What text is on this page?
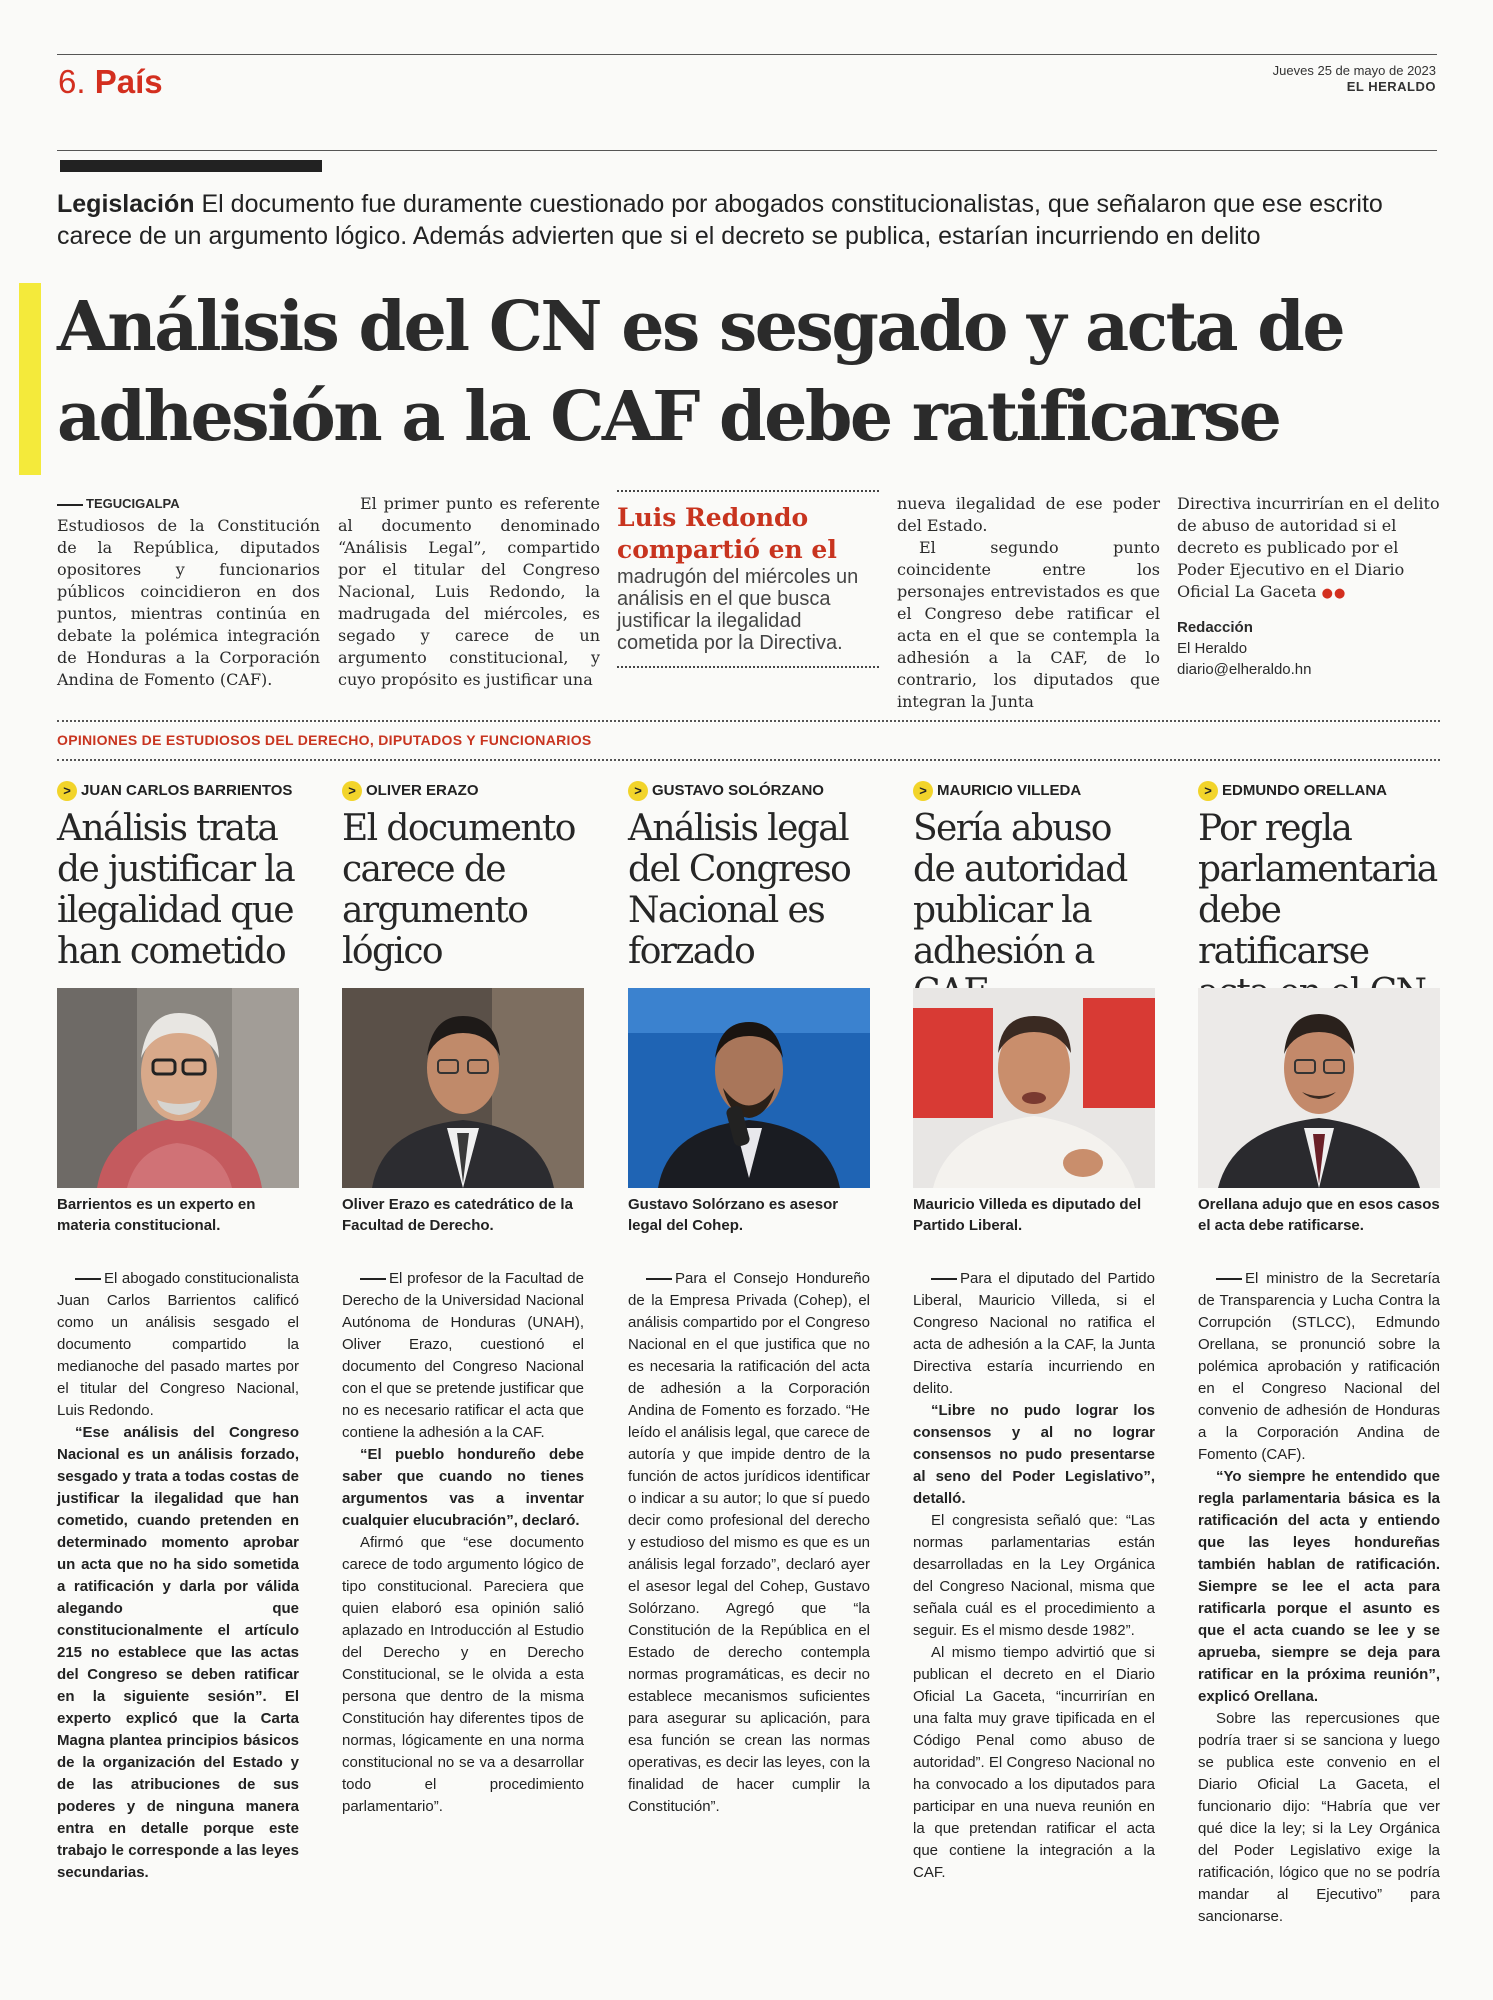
6. País	Jueves 25 de mayo de 2023
EL HERALDO
Legislación El documento fue duramente cuestionado por abogados constitucionalistas, que señalaron que ese escrito carece de un argumento lógico. Además advierten que si el decreto se publica, estarían incurriendo en delito
Análisis del CN es sesgado y acta de
adhesión a la CAF debe ratificarse
TEGUCIGALPA
Estudiosos de la Constitución de la República, diputados opositores y funcionarios públicos coincidieron en dos puntos, mientras continúa en debate la polémica integración de Honduras a la Corporación Andina de Fomento (CAF).
El primer punto es referente al documento denominado “Análisis Legal”, compartido por el titular del Congreso Nacional, Luis Redondo, la madrugada del miércoles, es segado y carece de un argumento constitucional, y cuyo propósito es justificar una
Luis Redondo compartió en el
madrugón del miércoles un análisis en el que busca justificar la ilegalidad cometida por la Directiva.
nueva ilegalidad de ese poder del Estado.
El segundo punto coincidente entre los personajes entrevistados es que el Congreso debe ratificar el acta en el que se contempla la adhesión a la CAF, de lo contrario, los diputados que integran la Junta
Directiva incurrirían en el delito de abuso de autoridad si el decreto es publicado por el Poder Ejecutivo en el Diario Oficial La Gaceta ●●
Redacción
El Heraldo
diario@elheraldo.hn
OPINIONES DE ESTUDIOSOS DEL DERECHO, DIPUTADOS Y FUNCIONARIOS
> JUAN CARLOS BARRIENTOS
Análisis trata de justificar la ilegalidad que han cometido
Barrientos es un experto en materia constitucional.

El abogado constitucionalista Juan Carlos Barrientos calificó como un análisis sesgado el documento compartido la medianoche del pasado martes por el titular del Congreso Nacional, Luis Redondo.

“Ese análisis del Congreso Nacional es un análisis forzado, sesgado y trata a todas costas de justificar la ilegalidad que han cometido, cuando pretenden en determinado momento aprobar un acta que no ha sido sometida a ratificación y darla por válida alegando que constitucionalmente el artículo 215 no establece que las actas del Congreso se deben ratificar en la siguiente sesión”. El experto explicó que la Carta Magna plantea principios básicos de la organización del Estado y de las atribuciones de sus poderes y de ninguna manera entra en detalle porque este trabajo le corresponde a las leyes secundarias.

> OLIVER ERAZO
El documento carece de argumento lógico
Oliver Erazo es catedrático de la Facultad de Derecho.

El profesor de la Facultad de Derecho de la Universidad Nacional Autónoma de Honduras (UNAH), Oliver Erazo, cuestionó el documento del Congreso Nacional con el que se pretende justificar que no es necesario ratificar el acta que contiene la adhesión a la CAF.

“El pueblo hondureño debe saber que cuando no tienes argumentos vas a inventar cualquier elucubración”, declaró.

Afirmó que “ese documento carece de todo argumento lógico de tipo constitucional. Pareciera que quien elaboró esa opinión salió aplazado en Introducción al Estudio del Derecho y en Derecho Constitucional, se le olvida a esta persona que dentro de la misma Constitución hay diferentes tipos de normas, lógicamente en una norma constitucional no se va a desarrollar todo el procedimiento parlamentario”.

> GUSTAVO SOLÓRZANO
Análisis legal del Congreso Nacional es forzado
Gustavo Solórzano es asesor legal del Cohep.

Para el Consejo Hondureño de la Empresa Privada (Cohep), el análisis compartido por el Congreso Nacional en el que justifica que no es necesaria la ratificación del acta de adhesión a la Corporación Andina de Fomento es forzado. “He leído el análisis legal, que carece de autoría y que impide dentro de la función de actos jurídicos identificar o indicar a su autor; lo que sí puedo decir como profesional del derecho y estudioso del mismo es que es un análisis legal forzado”, declaró ayer el asesor legal del Cohep, Gustavo Solórzano. Agregó que “la Constitución de la República en el Estado de derecho contempla normas programáticas, es decir no establece mecanismos suficientes para asegurar su aplicación, para esa función se crean las normas operativas, es decir las leyes, con la finalidad de hacer cumplir la Constitución”.

> MAURICIO VILLEDA
Sería abuso de autoridad publicar la adhesión a
Mauricio Villeda es diputado del Partido Liberal.

Para el diputado del Partido Liberal, Mauricio Villeda, si el Congreso Nacional no ratifica el acta de adhesión a la CAF, la Junta Directiva estaría incurriendo en delito.

“Libre no pudo lograr los consensos y al no lograr consensos no pudo presentarse al seno del Poder Legislativo”, detalló.

El congresista señaló que: “Las normas parlamentarias están desarrolladas en la Ley Orgánica del Congreso Nacional, misma que señala cuál es el procedimiento a seguir. Es el mismo desde 1982”.

Al mismo tiempo advirtió que si publican el decreto en el Diario Oficial La Gaceta, “incurrirían en una falta muy grave tipificada en el Código Penal como abuso de autoridad”. El Congreso Nacional no ha convocado a los diputados para participar en una nueva reunión en la que pretendan ratificar el acta que contiene la integración a la CAF.

> EDMUNDO ORELLANA
Por regla parlamentaria debe ratificarse
Orellana adujo que en esos casos el acta debe ratificarse.

El ministro de la Secretaría de Transparencia y Lucha Contra la Corrupción (STLCC), Edmundo Orellana, se pronunció sobre la polémica aprobación y ratificación en el Congreso Nacional del convenio de adhesión de Honduras a la Corporación Andina de Fomento (CAF).

“Yo siempre he entendido que regla parlamentaria básica es la ratificación del acta y entiendo que las leyes hondureñas también hablan de ratificación. Siempre se lee el acta para ratificarla porque el asunto es que el acta cuando se lee y se aprueba, siempre se deja para ratificar en la próxima reunión”, explicó Orellana.

Sobre las repercusiones que podría traer si se sanciona y luego se publica este convenio en el Diario Oficial La Gaceta, el funcionario dijo: “Habría que ver qué dice la ley; si la Ley Orgánica del Poder Legislativo exige la ratificación, lógico que no se podría mandar al Ejecutivo” para sancionarse.
